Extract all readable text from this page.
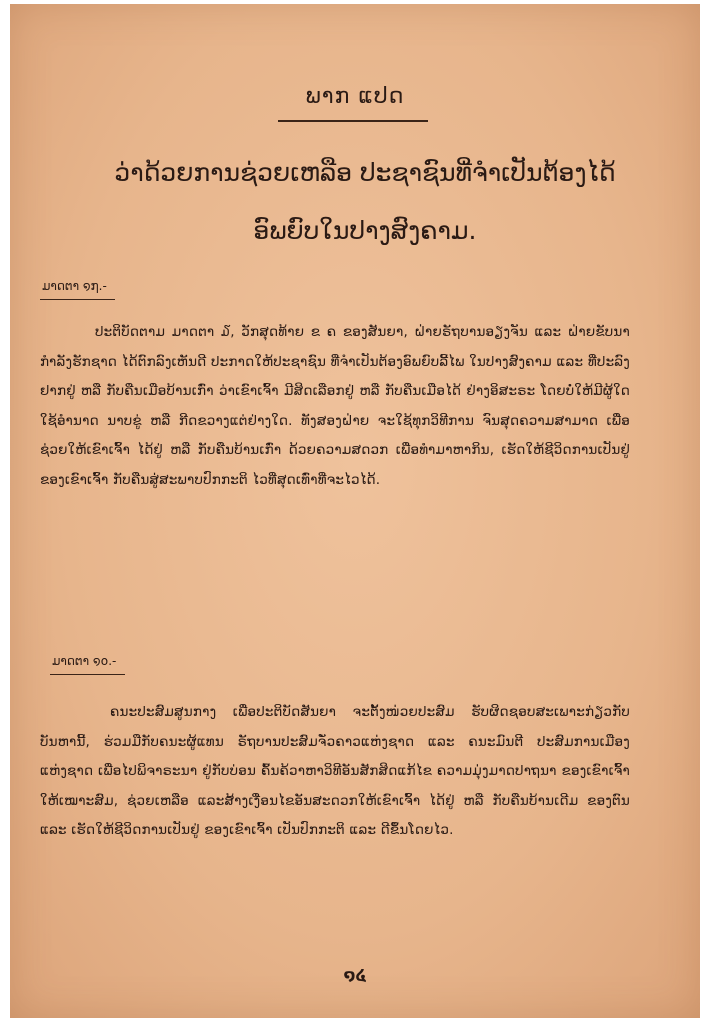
ພາກ ແປດ
ວ່າດ້ວຍການຊ່ວຍເຫລືອ ປະຊາຊົນທີ່ຈຳເປັນຕ້ອງໄດ້
ອົພຍົບໃນປາງສົງຄາມ.
ມາດຕາ ໑໗.-
ປະຕິບັດຕາມ ມາດຕາ ໓, ວັກສຸດທ້າຍ ຂ ຄ ຂອງສັນຍາ, ຝ່າຍຣັຖບານອຽງຈັນ ແລະ ຝ່າຍຂັບນາກຳລັງຮັກຊາດ ໄດ້ຕົກລົງເຫັນດີ ປະກາດໃຫ້ປະຊາຊົນ ທີ່ຈຳເປັນຕ້ອງອົພຍົບລີ້ໄພ ໃນປາງສົງຄາມ ແລະ ທີ່ປະລົງຢາກຢູ່ ຫລື ກັບຄືນເມືອບ້ານເກົ່າ ວ່າເຂົາເຈົ້າ ມີສິດເລືອກຢູ່ ຫລື ກັບຄືນເມືອໄດ້ ຢ່າງອິສະຣະ ໂດຍບໍ່ໃຫ້ມີຜູ້ໃດ ໃຊ້ອຳນາດ ນາບຂູ່ ຫລື ກີດຂວາງແຕ່ຢ່າງໃດ. ທັງສອງຝ່າຍ ຈະໃຊ້ທຸກວິທີການ ຈົນສຸດຄວາມສາມາດ ເພື່ອຊ່ວຍໃຫ້ເຂົາເຈົ້າ ໄດ້ຢູ່ ຫລື ກັບຄືນບ້ານເກົ່າ ດ້ວຍຄວາມສດວກ ເພື່ອທຳມາຫາກິນ, ເຮັດໃຫ້ຊີວິດການເປັນຢູ່ ຂອງເຂົາເຈົ້າ ກັບຄືນສູ່ສະພາບປົກກະຕິ ໄວທີ່ສຸດເທົ່າທີ່ຈະໄວໄດ້.
ມາດຕາ ໑໐.-
ຄນະປະສົມສູນກາງ ເພື່ອປະຕິບັດສັນຍາ ຈະຕັ້ງໜ່ວຍປະສົມ ຮັບຜິດຊອບສະເພາະກ່ຽວກັບບັນຫານີ້, ຮ່ວມມືກັບຄນະຜູ້ແທນ ຣັຖບານປະສົມຈັ່ວຄາວແຫ່ງຊາດ ແລະ ຄນະມົນຕີ ປະສົມການເມືອງແຫ່ງຊາດ ເພື່ອໄປພິຈາຣະນາ ຢູ່ກັບບ່ອນ ຄົ້ນຄ້ວາຫາວິທີອັນສັກສິດແກ້ໄຂ ຄວາມມຸ່ງມາດປາຖນາ ຂອງເຂົາເຈົ້າ ໃຫ້ເໝາະສົມ, ຊ່ວຍເຫລືອ ແລະສ້າງເງື່ອນໄຂອັນສະດວກໃຫ້ເຂົາເຈົ້າ ໄດ້ຢູ່ ຫລື ກັບຄືນບ້ານເດີມ ຂອງຕົນ ແລະ ເຮັດໃຫ້ຊີວິດການເປັນຢູ່ ຂອງເຂົາເຈົ້າ ເປັນປົກກະຕິ ແລະ ດີຂຶ້ນໂດຍໄວ.
໑໔
